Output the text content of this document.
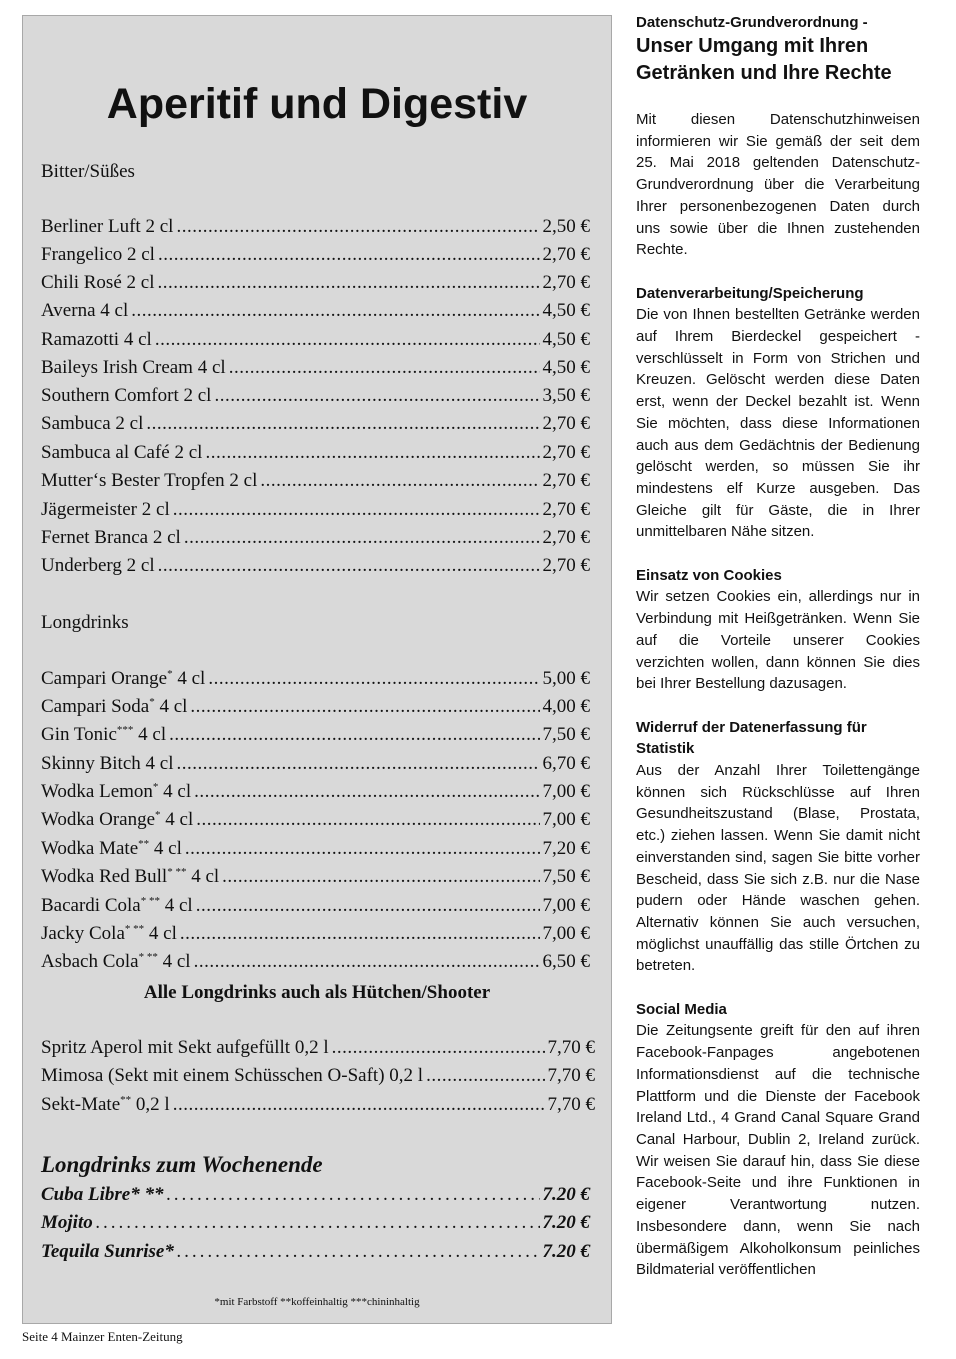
Aperitif und Digestiv
Bitter/Süßes
Berliner Luft 2 cl .....	2,50 €
Frangelico 2 cl .....	2,70 €
Chili Rosé 2 cl .....	2,70 €
Averna 4 cl .....	4,50 €
Ramazotti 4 cl .....	4,50 €
Baileys Irish Cream 4 cl .....	4,50 €
Southern Comfort 2 cl .....	3,50 €
Sambuca 2 cl .....	2,70 €
Sambuca al Café 2 cl .....	2,70 €
Mutter‘s Bester Tropfen 2 cl .....	2,70 €
Jägermeister 2 cl .....	2,70 €
Fernet Branca 2 cl .....	2,70 €
Underberg 2 cl .....	2,70 €
Longdrinks
Campari Orange* 4 cl .....	5,00 €
Campari Soda* 4 cl .....	4,00 €
Gin Tonic*** 4 cl .....	7,50 €
Skinny Bitch 4 cl .....	6,70 €
Wodka Lemon* 4 cl .....	7,00 €
Wodka Orange* 4 cl .....	7,00 €
Wodka Mate** 4 cl .....	7,20 €
Wodka Red Bull* ** 4 cl .....	7,50 €
Bacardi Cola* ** 4 cl .....	7,00 €
Jacky Cola* ** 4 cl .....	7,00 €
Asbach Cola* ** 4 cl .....	6,50 €
Alle Longdrinks auch als Hütchen/Shooter
Spritz Aperol mit Sekt aufgefüllt 0,2 l .....	7,70 €
Mimosa (Sekt mit einem Schüsschen O-Saft) 0,2 l .....	7,70 €
Sekt-Mate** 0,2 l .....	7,70 €
Longdrinks zum Wochenende
Cuba Libre* ** .....	7.20 €
Mojito .....	7.20 €
Tequila Sunrise* .....	7.20 €
*mit Farbstoff **koffeinhaltig ***chininhaltig
Seite 4 Mainzer Enten-Zeitung

Datenschutz-Grundverordnung -

Unser Umgang mit Ihren Getränken und Ihre Rechte

Mit diesen Datenschutzhinweisen informieren wir Sie gemäß der seit dem 25. Mai 2018 geltenden Datenschutz-Grundverordnung über die Verarbeitung Ihrer personenbezogenen Daten durch uns sowie über die Ihnen zustehenden Rechte.

Datenverarbeitung/Speicherung

Die von Ihnen bestellten Getränke werden auf Ihrem Bierdeckel gespeichert - verschlüsselt in Form von Strichen und Kreuzen. Gelöscht werden diese Daten erst, wenn der Deckel bezahlt ist. Wenn Sie möchten, dass diese Informationen auch aus dem Gedächtnis der Bedienung gelöscht werden, so müssen Sie ihr mindestens elf Kurze ausgeben. Das Gleiche gilt für Gäste, die in Ihrer unmittelbaren Nähe sitzen.

Einsatz von Cookies

Wir setzen Cookies ein, allerdings nur in Verbindung mit Heißgetränken. Wenn Sie auf die Vorteile unserer Cookies verzichten wollen, dann können Sie dies bei Ihrer Bestellung dazusagen.

Widerruf der Datenerfassung für Statistik

Aus der Anzahl Ihrer Toilettengänge können sich Rückschlüsse auf Ihren Gesundheitszustand (Blase, Prostata, etc.) ziehen lassen. Wenn Sie damit nicht einverstanden sind, sagen Sie bitte vorher Bescheid, dass Sie sich z.B. nur die Nase pudern oder Hände waschen gehen. Alternativ können Sie auch versuchen, möglichst unauffällig das stille Örtchen zu betreten.

Social Media

Die Zeitungsente greift für den auf ihren Facebook-Fanpages angebotenen Informationsdienst auf die technische Plattform und die Dienste der Facebook Ireland Ltd., 4 Grand Canal Square Grand Canal Harbour, Dublin 2, Ireland zurück. Wir weisen Sie darauf hin, dass Sie diese Facebook-Seite und ihre Funktionen in eigener Verantwortung nutzen. Insbesondere dann, wenn Sie nach übermäßigem Alkoholkonsum peinliches Bildmaterial veröffentlichen
